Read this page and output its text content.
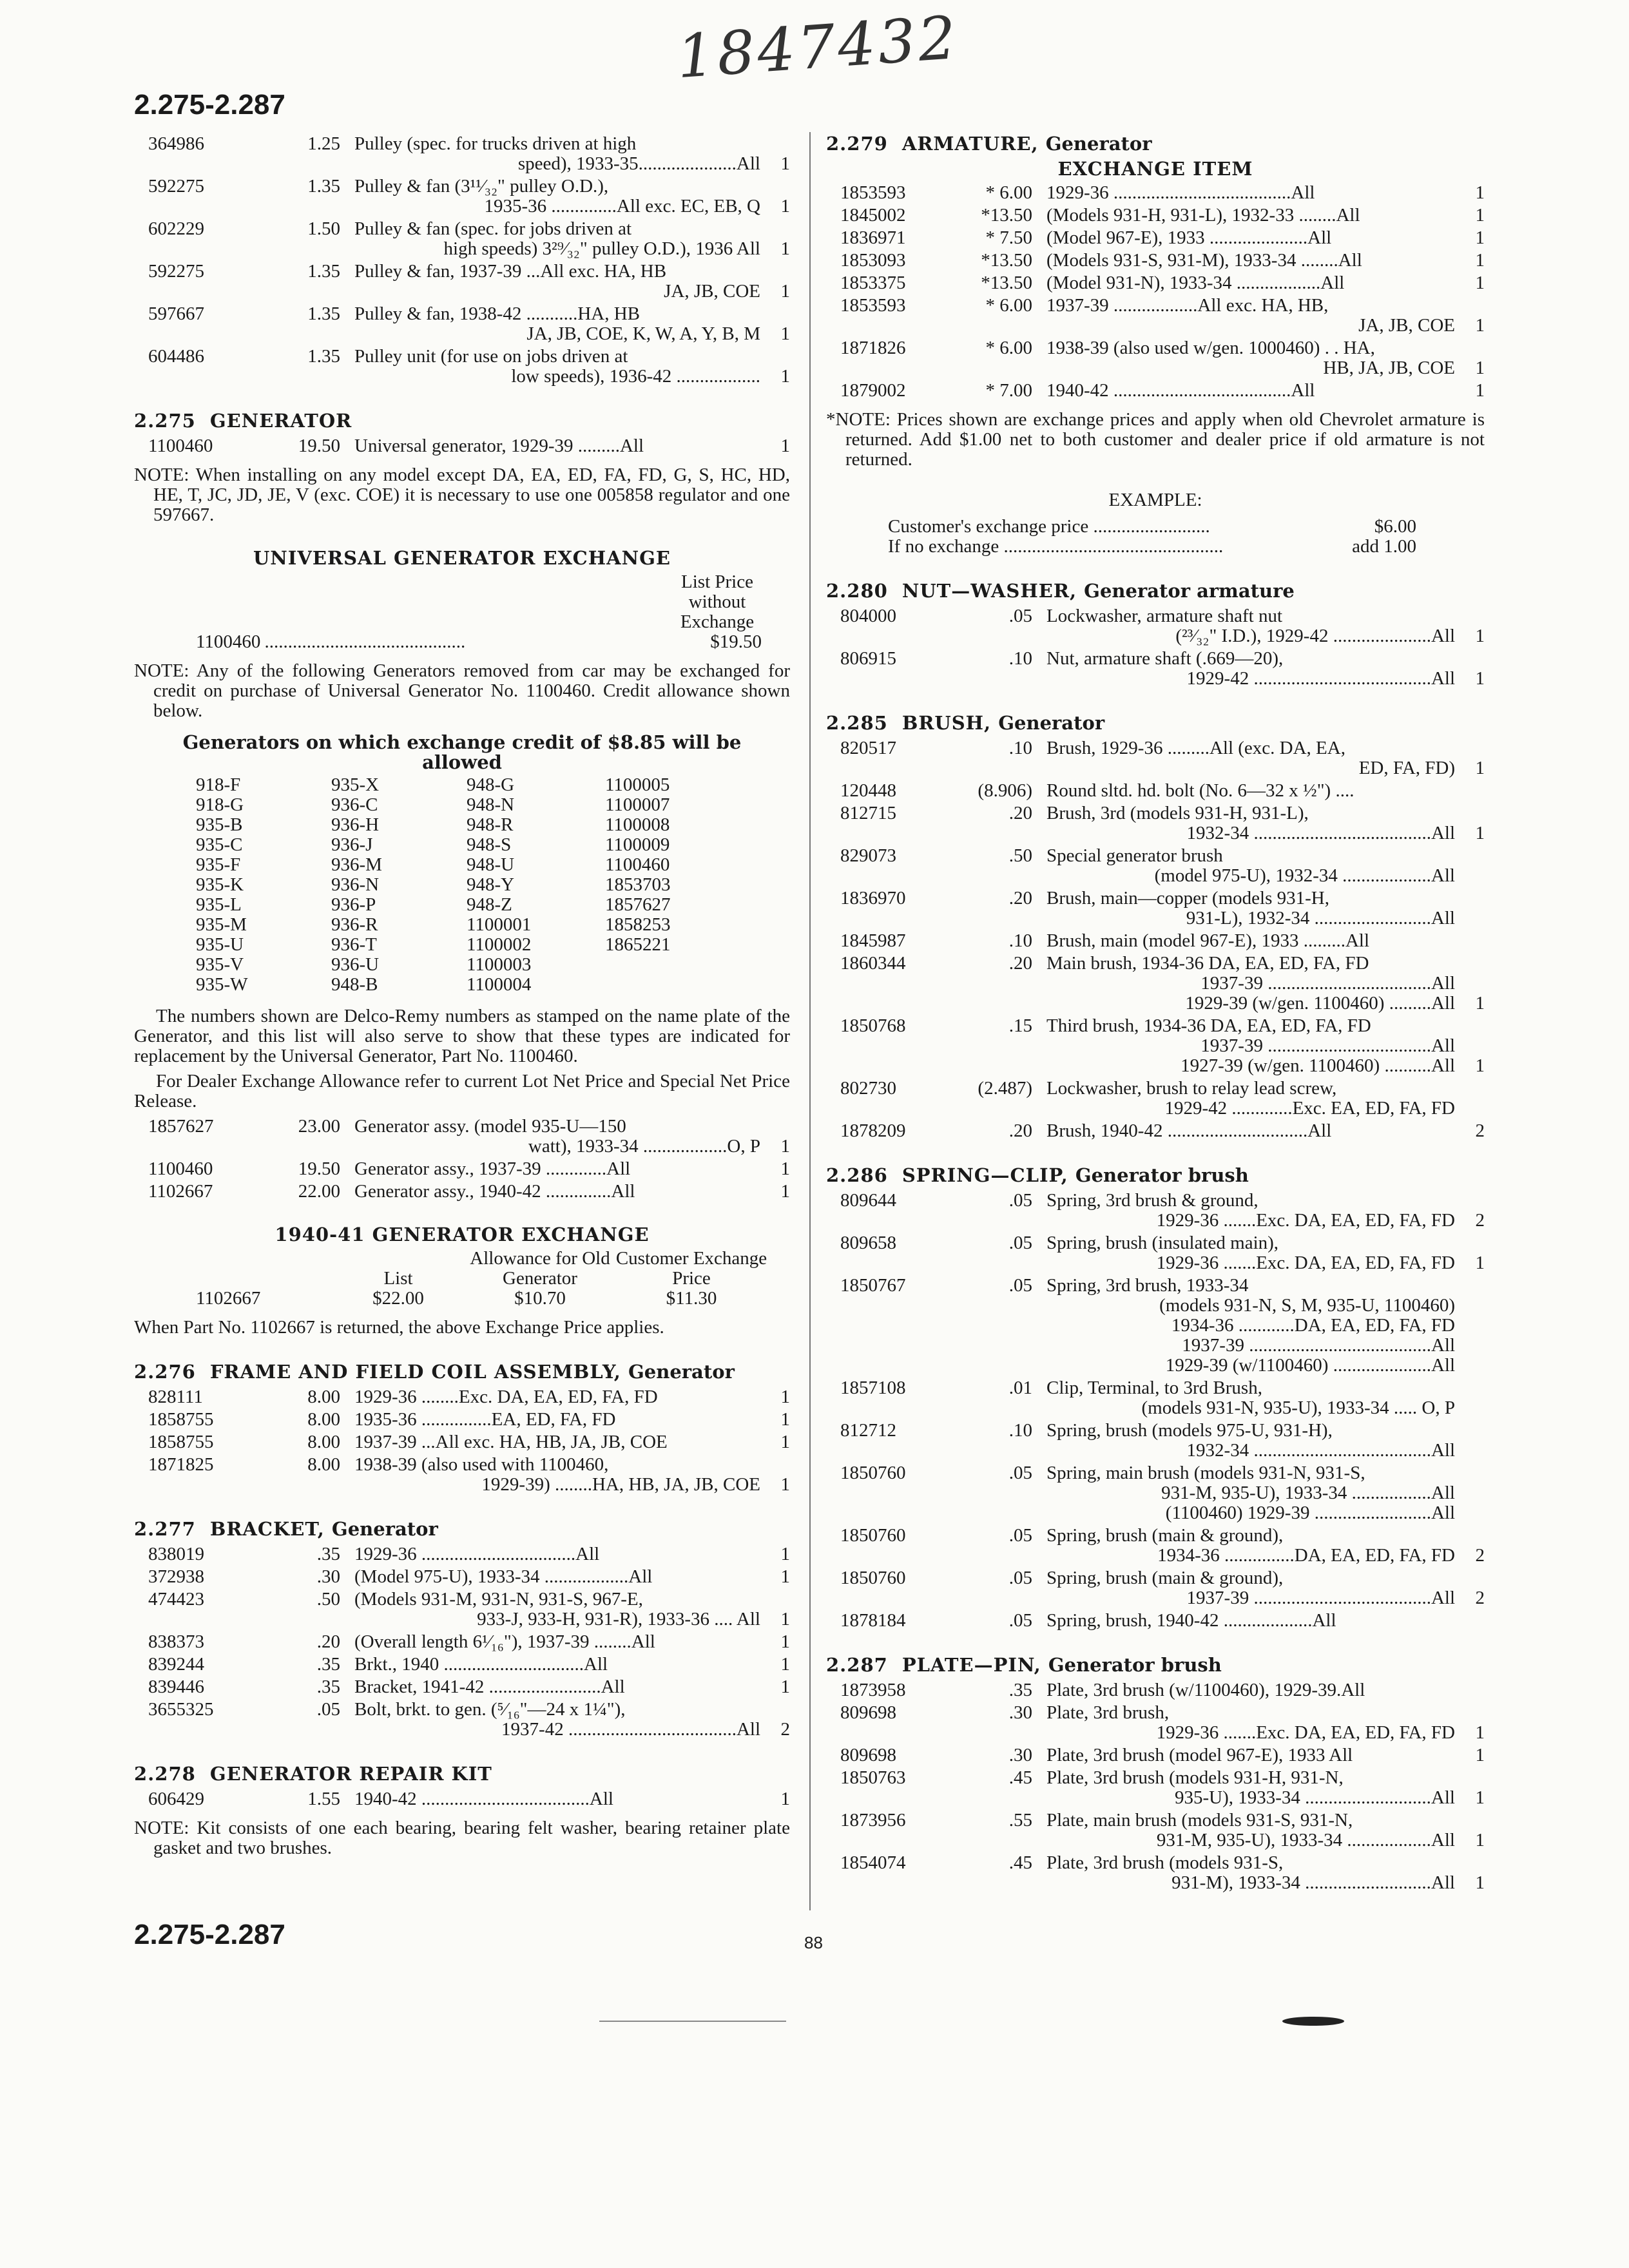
1847432
2.275-2.287
364986	1.25 Pulley (spec. for trucks driven at high
speed), 1933-35.....................All	1
592275	1.35 Pulley & fan (3¹¹⁄₃₂" pulley O.D.),
1935-36 ..............All exc. EC, EB, Q	1
602229	1.50 Pulley & fan (spec. for jobs driven at
high speeds) 3²⁹⁄₃₂" pulley O.D.), 1936 All	1
592275	1.35 Pulley & fan, 1937-39 ...All exc. HA, HB
JA, JB, COE	1
597667	1.35 Pulley & fan, 1938-42 ...........HA, HB
JA, JB, COE, K, W, A, Y, B, M	1
604486	1.35 Pulley unit (for use on jobs driven at
low speeds), 1936-42 ..................	1
2.275 GENERATOR
1100460	19.50 Universal generator, 1929-39 .........All	1
NOTE: When installing on any model except DA, EA, ED, FA, FD, G, S, HC, HD, HE, T, JC, JD, JE, V (exc. COE) it is necessary to use one 005858 regulator and one 597667.
UNIVERSAL GENERATOR EXCHANGE
List Price without Exchange
1100460 ...........................................	$19.50
NOTE: Any of the following Generators removed from car may be exchanged for credit on purchase of Universal Generator No. 1100460. Credit allowance shown below.
Generators on which exchange credit of $8.85 will be allowed
918-F	935-X	948-G	1100005
918-G	936-C	948-N	1100007
935-B	936-H	948-R	1100008
935-C	936-J	948-S	1100009
935-F	936-M	948-U	1100460
935-K	936-N	948-Y	1853703
935-L	936-P	948-Z	1857627
935-M	936-R	1100001	1858253
935-U	936-T	1100002	1865221
935-V	936-U	1100003
935-W	948-B	1100004
The numbers shown are Delco-Remy numbers as stamped on the name plate of the Generator, and this list will also serve to show that these types are indicated for replacement by the Universal Generator, Part No. 1100460.
For Dealer Exchange Allowance refer to current Lot Net Price and Special Net Price Release.
1857627	23.00 Generator assy. (model 935-U—150
watt), 1933-34 ..................O, P	1
1100460	19.50 Generator assy., 1937-39 .............All	1
1102667	22.00 Generator assy., 1940-42 ..............All	1
1940-41 GENERATOR EXCHANGE
List
Allowance for Old Generator
Customer Exchange Price
1102667	$22.00	$10.70	$11.30
When Part No. 1102667 is returned, the above Exchange Price applies.
2.276 FRAME AND FIELD COIL ASSEMBLY, Generator
828111	8.00 1929-36 ........Exc. DA, EA, ED, FA, FD	1
1858755	8.00 1935-36 ...............EA, ED, FA, FD	1
1858755	8.00 1937-39 ...All exc. HA, HB, JA, JB, COE	1
1871825	8.00 1938-39 (also used with 1100460,
1929-39) ........HA, HB, JA, JB, COE	1
2.277 BRACKET, Generator
838019	.35 1929-36 .................................All	1
372938	.30 (Model 975-U), 1933-34 ..................All	1
474423	.50 (Models 931-M, 931-N, 931-S, 967-E,
933-J, 933-H, 931-R), 1933-36 .... All	1
838373	.20 (Overall length 6¹⁄₁₆"), 1937-39 ........All	1
839244	.35 Brkt., 1940 ..............................All	1
839446	.35 Bracket, 1941-42 ........................All	1
3655325	.05 Bolt, brkt. to gen. (⁵⁄₁₆"—24 x 1¼"),
1937-42 ....................................All	2
2.278 GENERATOR REPAIR KIT
606429	1.55 1940-42 ....................................All	1
NOTE: Kit consists of one each bearing, bearing felt washer, bearing retainer plate gasket and two brushes.
2.279 ARMATURE, Generator
EXCHANGE ITEM
1853593	* 6.00 1929-36 ......................................All	1
1845002	*13.50 (Models 931-H, 931-L), 1932-33 ........All	1
1836971	* 7.50 (Model 967-E), 1933 .....................All	1
1853093	*13.50 (Models 931-S, 931-M), 1933-34 ........All	1
1853375	*13.50 (Model 931-N), 1933-34 ..................All	1
1853593	* 6.00 1937-39 ..................All exc. HA, HB,
JA, JB, COE	1
1871826	* 6.00 1938-39 (also used w/gen. 1000460) . . HA,
HB, JA, JB, COE	1
1879002	* 7.00 1940-42 ......................................All	1
*NOTE: Prices shown are exchange prices and apply when old Chevrolet armature is returned. Add $1.00 net to both customer and dealer price if old armature is not returned.
EXAMPLE:
Customer's exchange price .........................	$6.00
If no exchange ...............................................	add 1.00
2.280 NUT—WASHER, Generator armature
804000	.05 Lockwasher, armature shaft nut
(²³⁄₃₂" I.D.), 1929-42 .....................All	1
806915	.10 Nut, armature shaft (.669—20),
1929-42 ......................................All	1
2.285 BRUSH, Generator
820517	.10 Brush, 1929-36 .........All (exc. DA, EA,
ED, FA, FD)	1
120448	(8.906) Round sltd. hd. bolt (No. 6—32 x ½") ....
812715	.20 Brush, 3rd (models 931-H, 931-L),
1932-34 ......................................All	1
829073	.50 Special generator brush
(model 975-U), 1932-34 ...................All
1836970	.20 Brush, main—copper (models 931-H,
931-L), 1932-34 .........................All
1845987	.10 Brush, main (model 967-E), 1933 .........All
1860344	.20 Main brush, 1934-36 DA, EA, ED, FA, FD
1937-39 ...................................All
1929-39 (w/gen. 1100460) .........All	1
1850768	.15 Third brush, 1934-36 DA, EA, ED, FA, FD
1937-39 ...................................All
1927-39 (w/gen. 1100460) ..........All	1
802730	(2.487) Lockwasher, brush to relay lead screw,
1929-42 .............Exc. EA, ED, FA, FD
1878209	.20 Brush, 1940-42 ..............................All	2
2.286 SPRING—CLIP, Generator brush
809644	.05 Spring, 3rd brush & ground,
1929-36 .......Exc. DA, EA, ED, FA, FD	2
809658	.05 Spring, brush (insulated main),
1929-36 .......Exc. DA, EA, ED, FA, FD	1
1850767	.05 Spring, 3rd brush, 1933-34
(models 931-N, S, M, 935-U, 1100460)
1934-36 ............DA, EA, ED, FA, FD
1937-39 .......................................All
1929-39 (w/1100460) .....................All
1857108	.01 Clip, Terminal, to 3rd Brush,
(models 931-N, 935-U), 1933-34 ..... O, P
812712	.10 Spring, brush (models 975-U, 931-H),
1932-34 ......................................All
1850760	.05 Spring, main brush (models 931-N, 931-S,
931-M, 935-U), 1933-34 .................All
(1100460) 1929-39 .........................All
1850760	.05 Spring, brush (main & ground),
1934-36 ...............DA, EA, ED, FA, FD	2
1850760	.05 Spring, brush (main & ground),
1937-39 ......................................All	2
1878184	.05 Spring, brush, 1940-42 ...................All
2.287 PLATE—PIN, Generator brush
1873958	.35 Plate, 3rd brush (w/1100460), 1929-39.All
809698	.30 Plate, 3rd brush,
1929-36 .......Exc. DA, EA, ED, FA, FD	1
809698	.30 Plate, 3rd brush (model 967-E), 1933 All	1
1850763	.45 Plate, 3rd brush (models 931-H, 931-N,
935-U), 1933-34 ...........................All	1
1873956	.55 Plate, main brush (models 931-S, 931-N,
931-M, 935-U), 1933-34 ..................All	1
1854074	.45 Plate, 3rd brush (models 931-S,
931-M), 1933-34 ...........................All	1
2.275-2.287	88
